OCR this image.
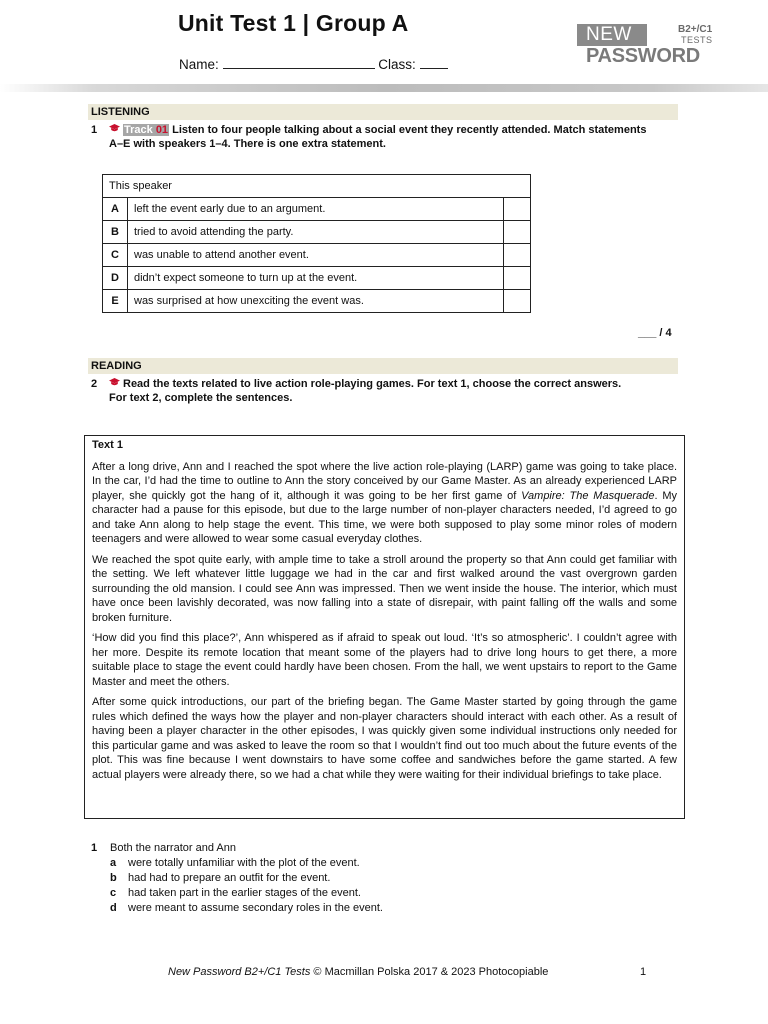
Unit Test 1 | Group A
Name:	Class:
NEW	B2+/C1
TESTS
PASSWORD
LISTENING
1	Track 01 Listen to four people talking about a social event they recently attended. Match statements
A–E with speakers 1–4. There is one extra statement.
This speaker		
A	left the event early due to an argument.	
B	tried to avoid attending the party.	
C	was unable to attend another event.	
D	didn’t expect someone to turn up at the event.	
E	was surprised at how unexciting the event was.	
___ / 4
READING
2	Read the texts related to live action role-playing games. For text 1, choose the correct answers.
For text 2, complete the sentences.
Text 1

After a long drive, Ann and I reached the spot where the live action role-playing (LARP) game was going to take place. In the car, I’d had the time to outline to Ann the story conceived by our Game Master. As an already experienced LARP player, she quickly got the hang of it, although it was going to be her first game of Vampire: The Masquerade. My character had a pause for this episode, but due to the large number of non-player characters needed, I’d agreed to go and take Ann along to help stage the event. This time, we were both supposed to play some minor roles of modern teenagers and were allowed to wear some casual everyday clothes.

We reached the spot quite early, with ample time to take a stroll around the property so that Ann could get familiar with the setting. We left whatever little luggage we had in the car and first walked around the vast overgrown garden surrounding the old mansion. I could see Ann was impressed. Then we went inside the house. The interior, which must have once been lavishly decorated, was now falling into a state of disrepair, with paint falling off the walls and some broken furniture.

‘How did you find this place?’, Ann whispered as if afraid to speak out loud. ‘It’s so atmospheric’. I couldn’t agree with her more. Despite its remote location that meant some of the players had to drive long hours to get there, a more suitable place to stage the event could hardly have been chosen. From the hall, we went upstairs to report to the Game Master and meet the others.

After some quick introductions, our part of the briefing began. The Game Master started by going through the game rules which defined the ways how the player and non-player characters should interact with each other. As a result of having been a player character in the other episodes, I was quickly given some individual instructions only needed for this particular game and was asked to leave the room so that I wouldn’t find out too much about the future events of the plot. This was fine because I went downstairs to have some coffee and sandwiches before the game started. A few actual players were already there, so we had a chat while they were waiting for their individual briefings to take place.

1 Both the narrator and Ann
a were totally unfamiliar with the plot of the event.
b had had to prepare an outfit for the event.
c had taken part in the earlier stages of the event.
d were meant to assume secondary roles in the event.
New Password B2+/C1 Tests © Macmillan Polska 2017 & 2023 Photocopiable	1
